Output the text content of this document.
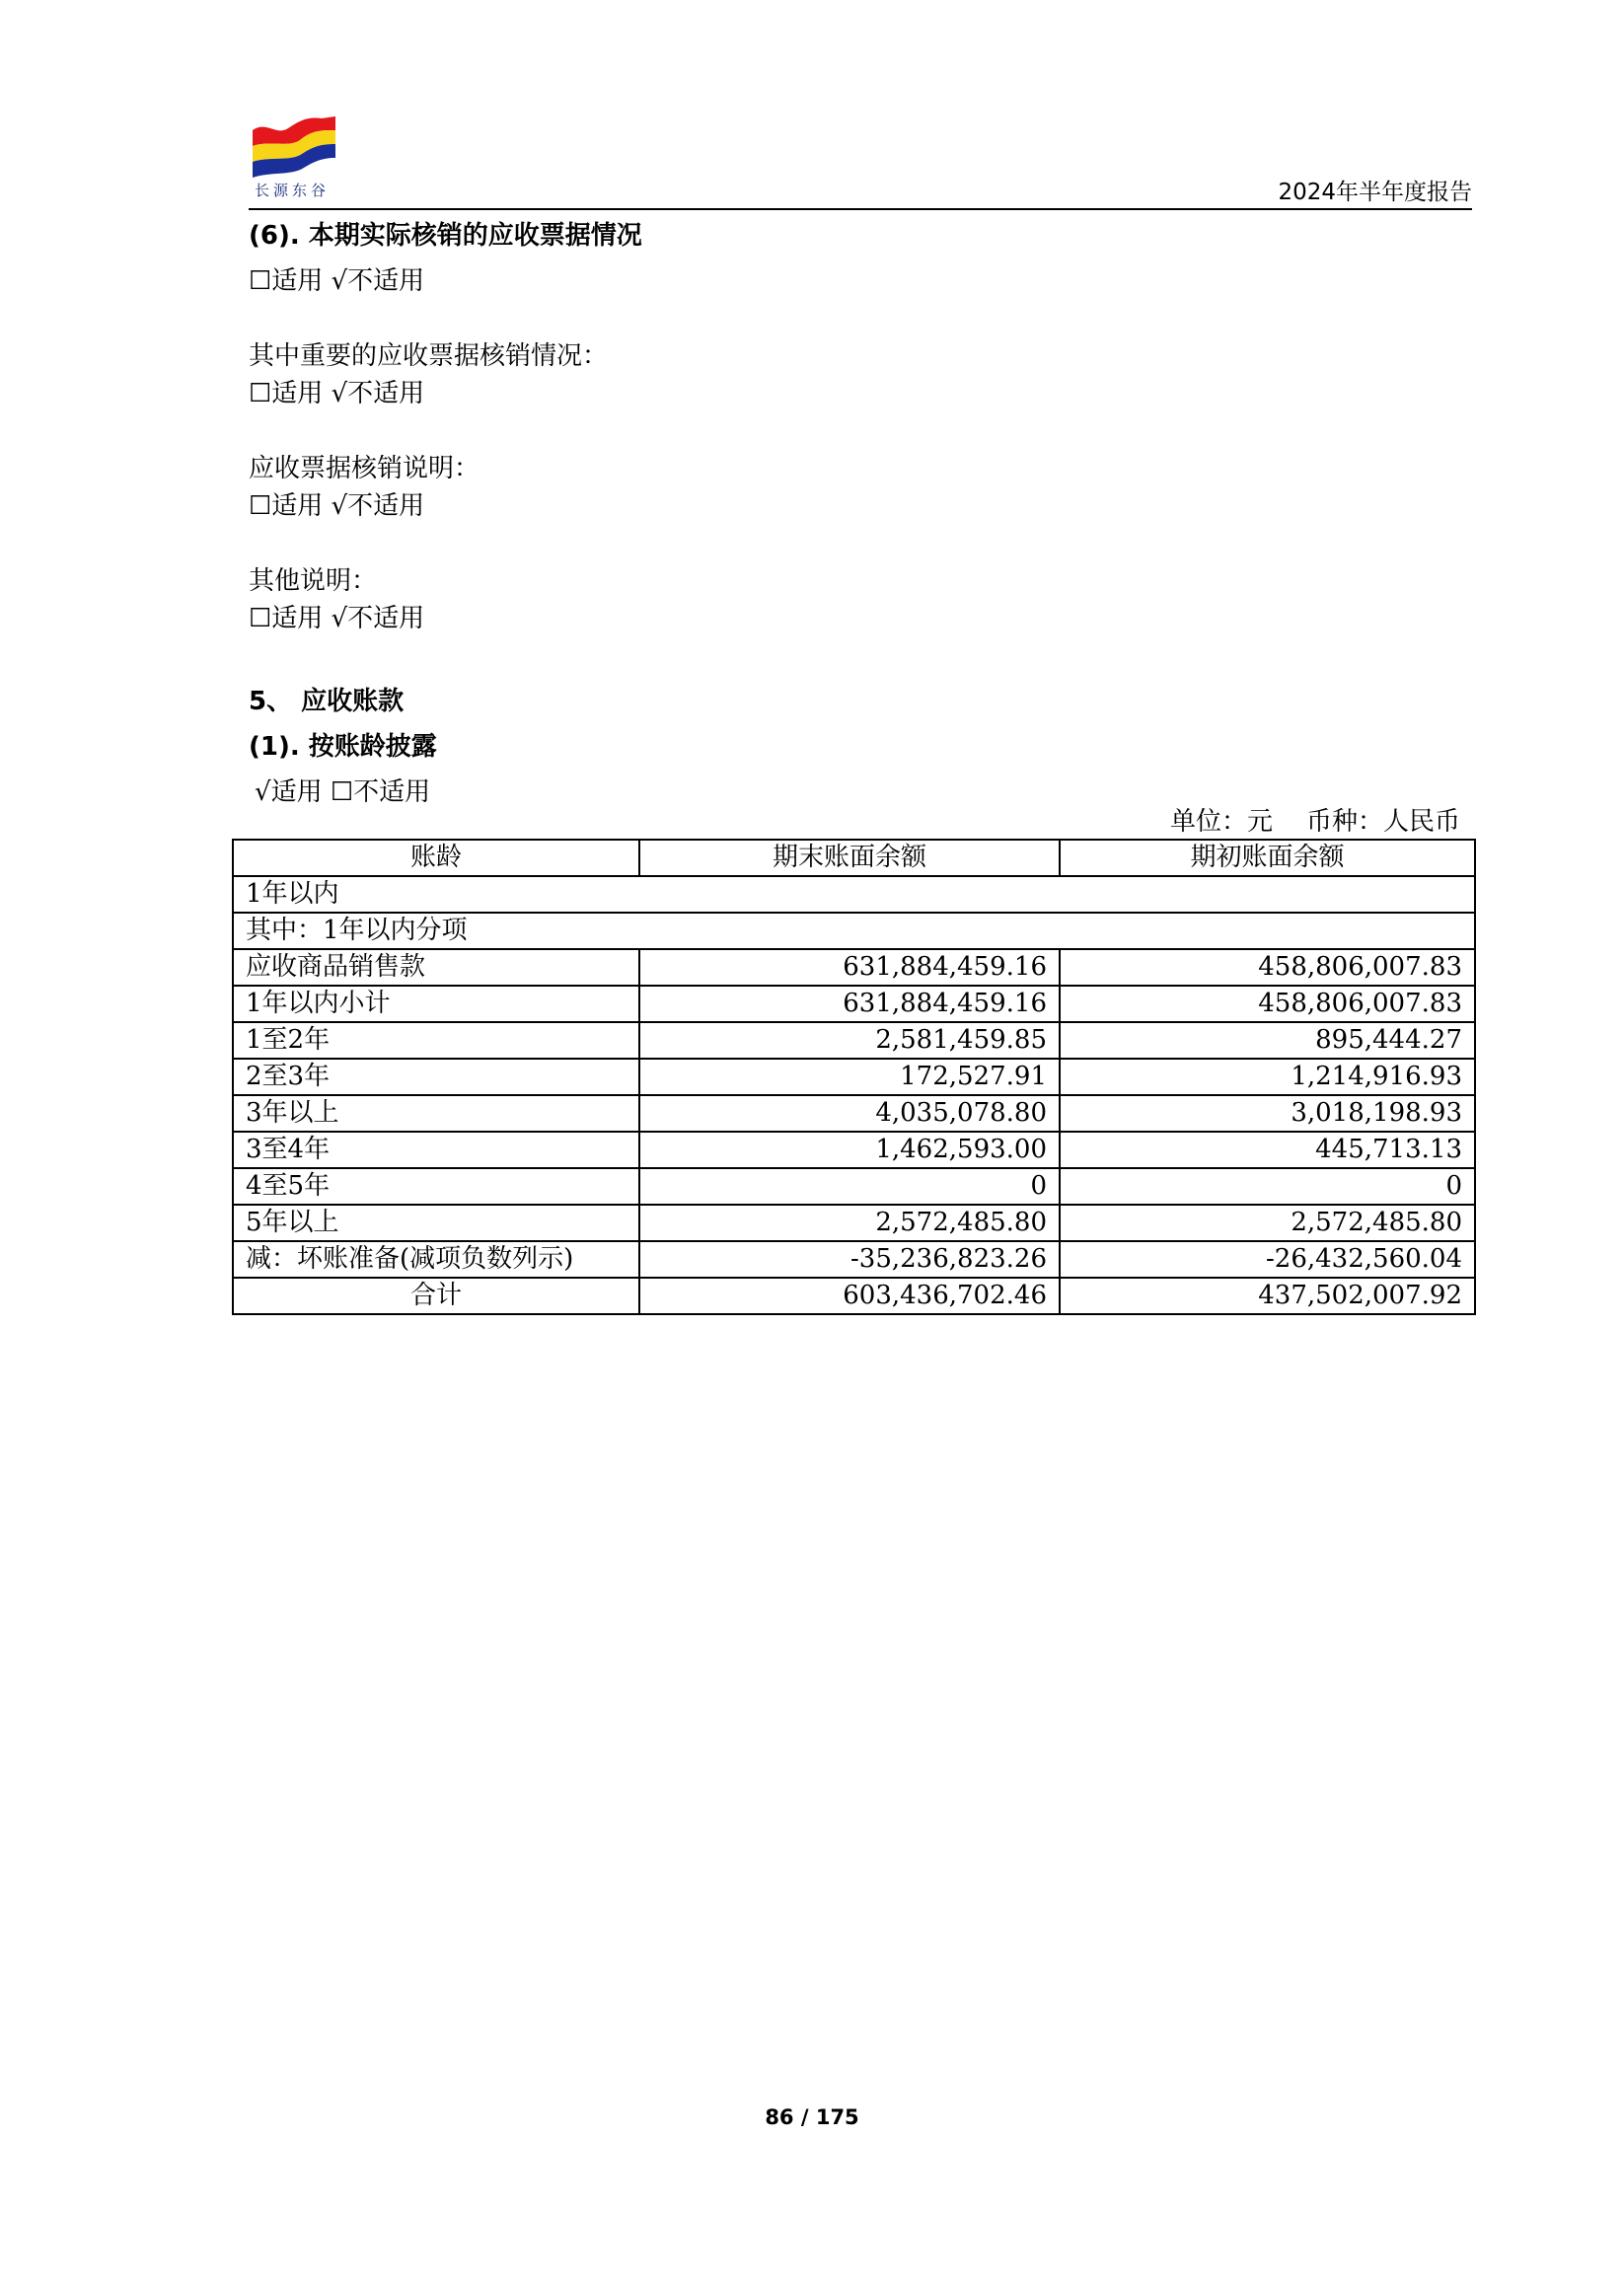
长源东谷	2024年半年度报告
(6). 本期实际核销的应收票据情况
☐适用 √不适用
其中重要的应收票据核销情况：
☐适用 √不适用
应收票据核销说明：
☐适用 √不适用
其他说明：
☐适用 √不适用
5、 应收账款
(1). 按账龄披露
√适用 ☐不适用
单位：元 币种：人民币
账龄	期末账面余额	期初账面余额
1年以内		
其中：1年以内分项		
应收商品销售款	631,884,459.16	458,806,007.83
1年以内小计	631,884,459.16	458,806,007.83
1至2年	2,581,459.85	895,444.27
2至3年	172,527.91	1,214,916.93
3年以上	4,035,078.80	3,018,198.93
3至4年	1,462,593.00	445,713.13
4至5年	0	0
5年以上	2,572,485.80	2,572,485.80
减：坏账准备(减项负数列示)	-35,236,823.26	-26,432,560.04
合计	603,436,702.46	437,502,007.92
86 / 175
